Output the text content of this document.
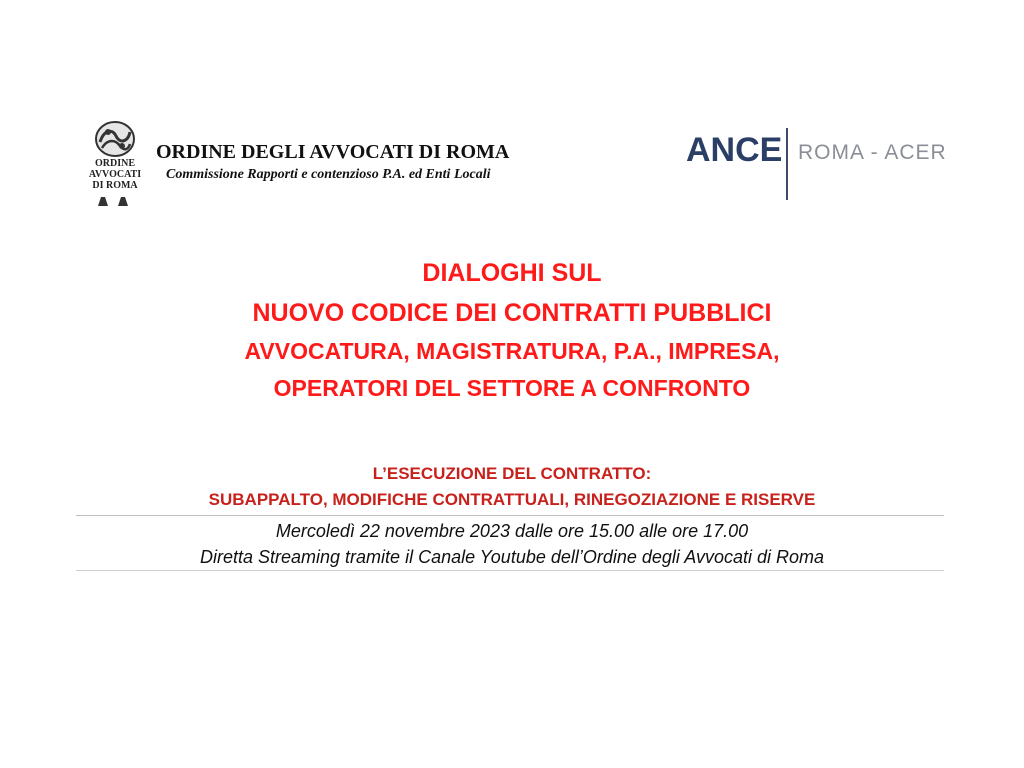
ORDINE
AVVOCATI
DI ROMA
ORDINE DEGLI AVVOCATI DI ROMA
Commissione Rapporti e contenzioso P.A. ed Enti Locali
ANCE ROMA - ACER
DIALOGHI SUL
NUOVO CODICE DEI CONTRATTI PUBBLICI
AVVOCATURA, MAGISTRATURA, P.A., IMPRESA,
OPERATORI DEL SETTORE A CONFRONTO
L’ESECUZIONE DEL CONTRATTO:
SUBAPPALTO, MODIFICHE CONTRATTUALI, RINEGOZIAZIONE E RISERVE
Mercoledì 22 novembre 2023 dalle ore 15.00 alle ore 17.00
Diretta Streaming tramite il Canale Youtube dell’Ordine degli Avvocati di Roma
